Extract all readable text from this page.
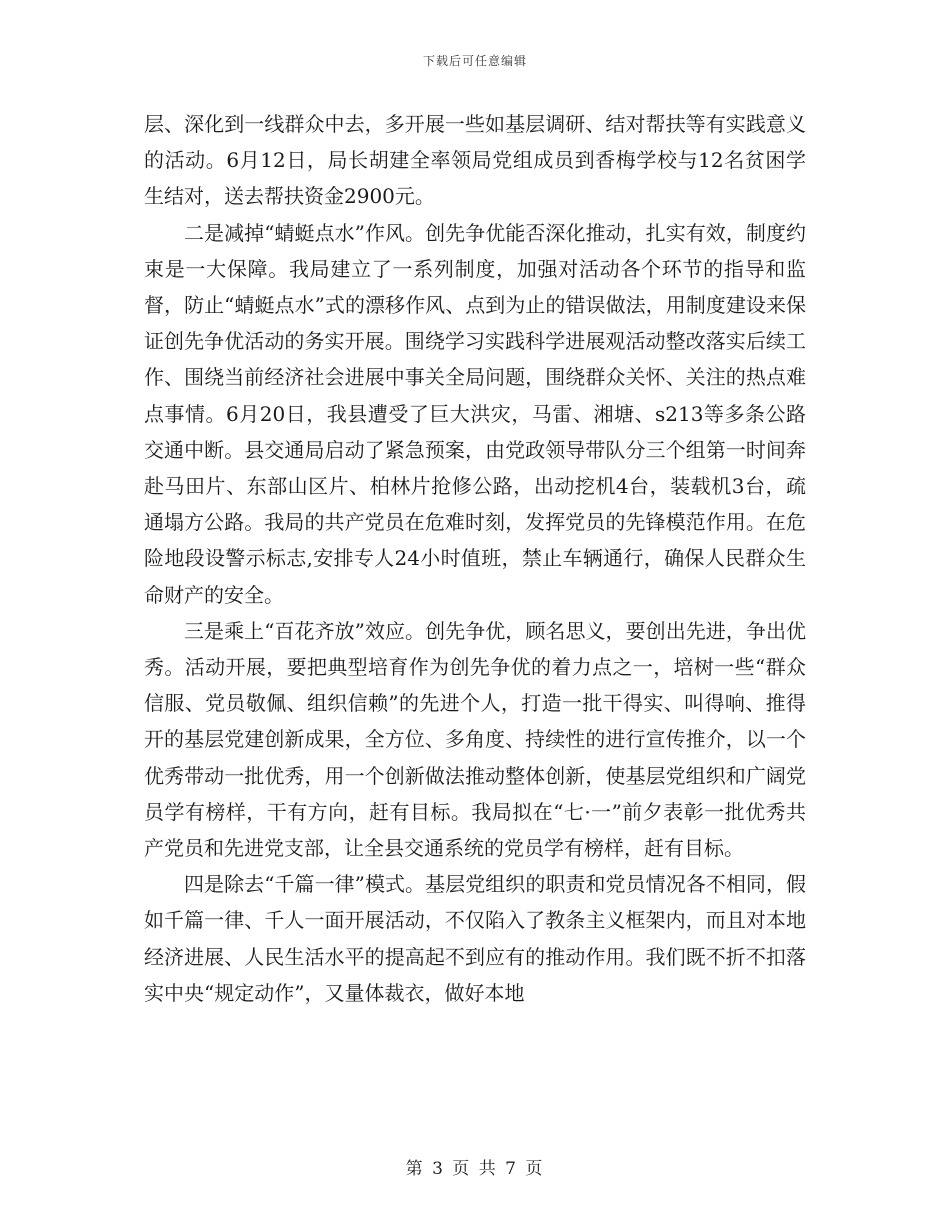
下载后可任意编辑

层、深化到一线群众中去，多开展一些如基层调研、结对帮扶等有实践意义的活动。6月12日，局长胡建全率领局党组成员到香梅学校与12名贫困学生结对，送去帮扶资金2900元。

二是减掉“蜻蜓点水”作风。创先争优能否深化推动，扎实有效，制度约束是一大保障。我局建立了一系列制度，加强对活动各个环节的指导和监督，防止“蜻蜓点水”式的漂移作风、点到为止的错误做法，用制度建设来保证创先争优活动的务实开展。围绕学习实践科学进展观活动整改落实后续工作、围绕当前经济社会进展中事关全局问题，围绕群众关怀、关注的热点难点事情。6月20日，我县遭受了巨大洪灾，马雷、湘塘、s213等多条公路交通中断。县交通局启动了紧急预案，由党政领导带队分三个组第一时间奔赴马田片、东部山区片、柏林片抢修公路，出动挖机4台，装载机3台，疏通塌方公路。我局的共产党员在危难时刻，发挥党员的先锋模范作用。在危险地段设警示标志,安排专人24小时值班，禁止车辆通行，确保人民群众生命财产的安全。

三是乘上“百花齐放”效应。创先争优，顾名思义，要创出先进，争出优秀。活动开展，要把典型培育作为创先争优的着力点之一，培树一些“群众信服、党员敬佩、组织信赖”的先进个人，打造一批干得实、叫得响、推得开的基层党建创新成果，全方位、多角度、持续性的进行宣传推介，以一个优秀带动一批优秀，用一个创新做法推动整体创新，使基层党组织和广阔党员学有榜样，干有方向，赶有目标。我局拟在“七·一”前夕表彰一批优秀共产党员和先进党支部，让全县交通系统的党员学有榜样，赶有目标。

四是除去“千篇一律”模式。基层党组织的职责和党员情况各不相同，假如千篇一律、千人一面开展活动，不仅陷入了教条主义框架内，而且对本地经济进展、人民生活水平的提高起不到应有的推动作用。我们既不折不扣落实中央“规定动作”，又量体裁衣，做好本地

第 3 页 共 7 页
